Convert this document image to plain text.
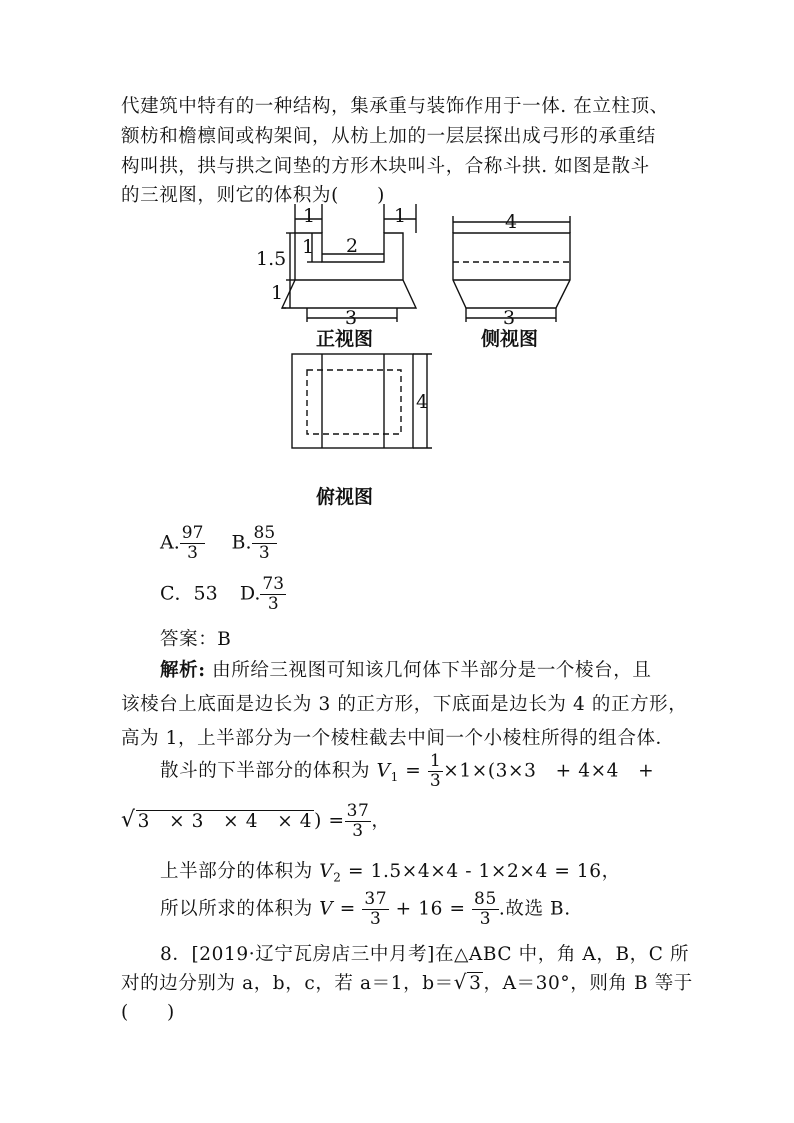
代建筑中特有的一种结构，集承重与装饰作用于一体. 在立柱顶、
额枋和檐檩间或构架间，从枋上加的一层层探出成弓形的承重结
构叫拱，拱与拱之间垫的方形木块叫斗，合称斗拱. 如图是散斗
的三视图，则它的体积为(　　)
1	1
2
1
1.5
1
3
正视图
4
3
侧视图
4
俯视图
A. $\frac{97}{3} B$. $\frac{85}{3}$
C．53 D. $\frac{73}{3}$
答案：B
解析: 由所给三视图可知该几何体下半部分是一个棱台，且
该棱台上底面是边长为 3 的正方形，下底面是边长为 4 的正方形，
高为 1，上半部分为一个棱柱截去中间一个小棱柱所得的组合体．
散斗的下半部分的体积为 $V_1 = \frac{1}{3} \times 1\times(3\times 3$　+ 4×4　+
√ 3　× 3　× 4　× 4 ) = $\frac{37}{3}$ ，
上半部分的体积为 $V_2 = 1.5\times 4\times 4 - 1\times 2\times 4 = 16$，
所以所求的体积为 $V = \frac{37}{3} + 16 = \frac{85}{3}$ .故选 B.
8．[2019·辽宁瓦房店三中月考]在△ABC 中，角 A，B，C 所
对的边分别为 a，b，c，若 a＝1，b＝√ 3 ，A＝30°，则角 B 等于
(　　)
